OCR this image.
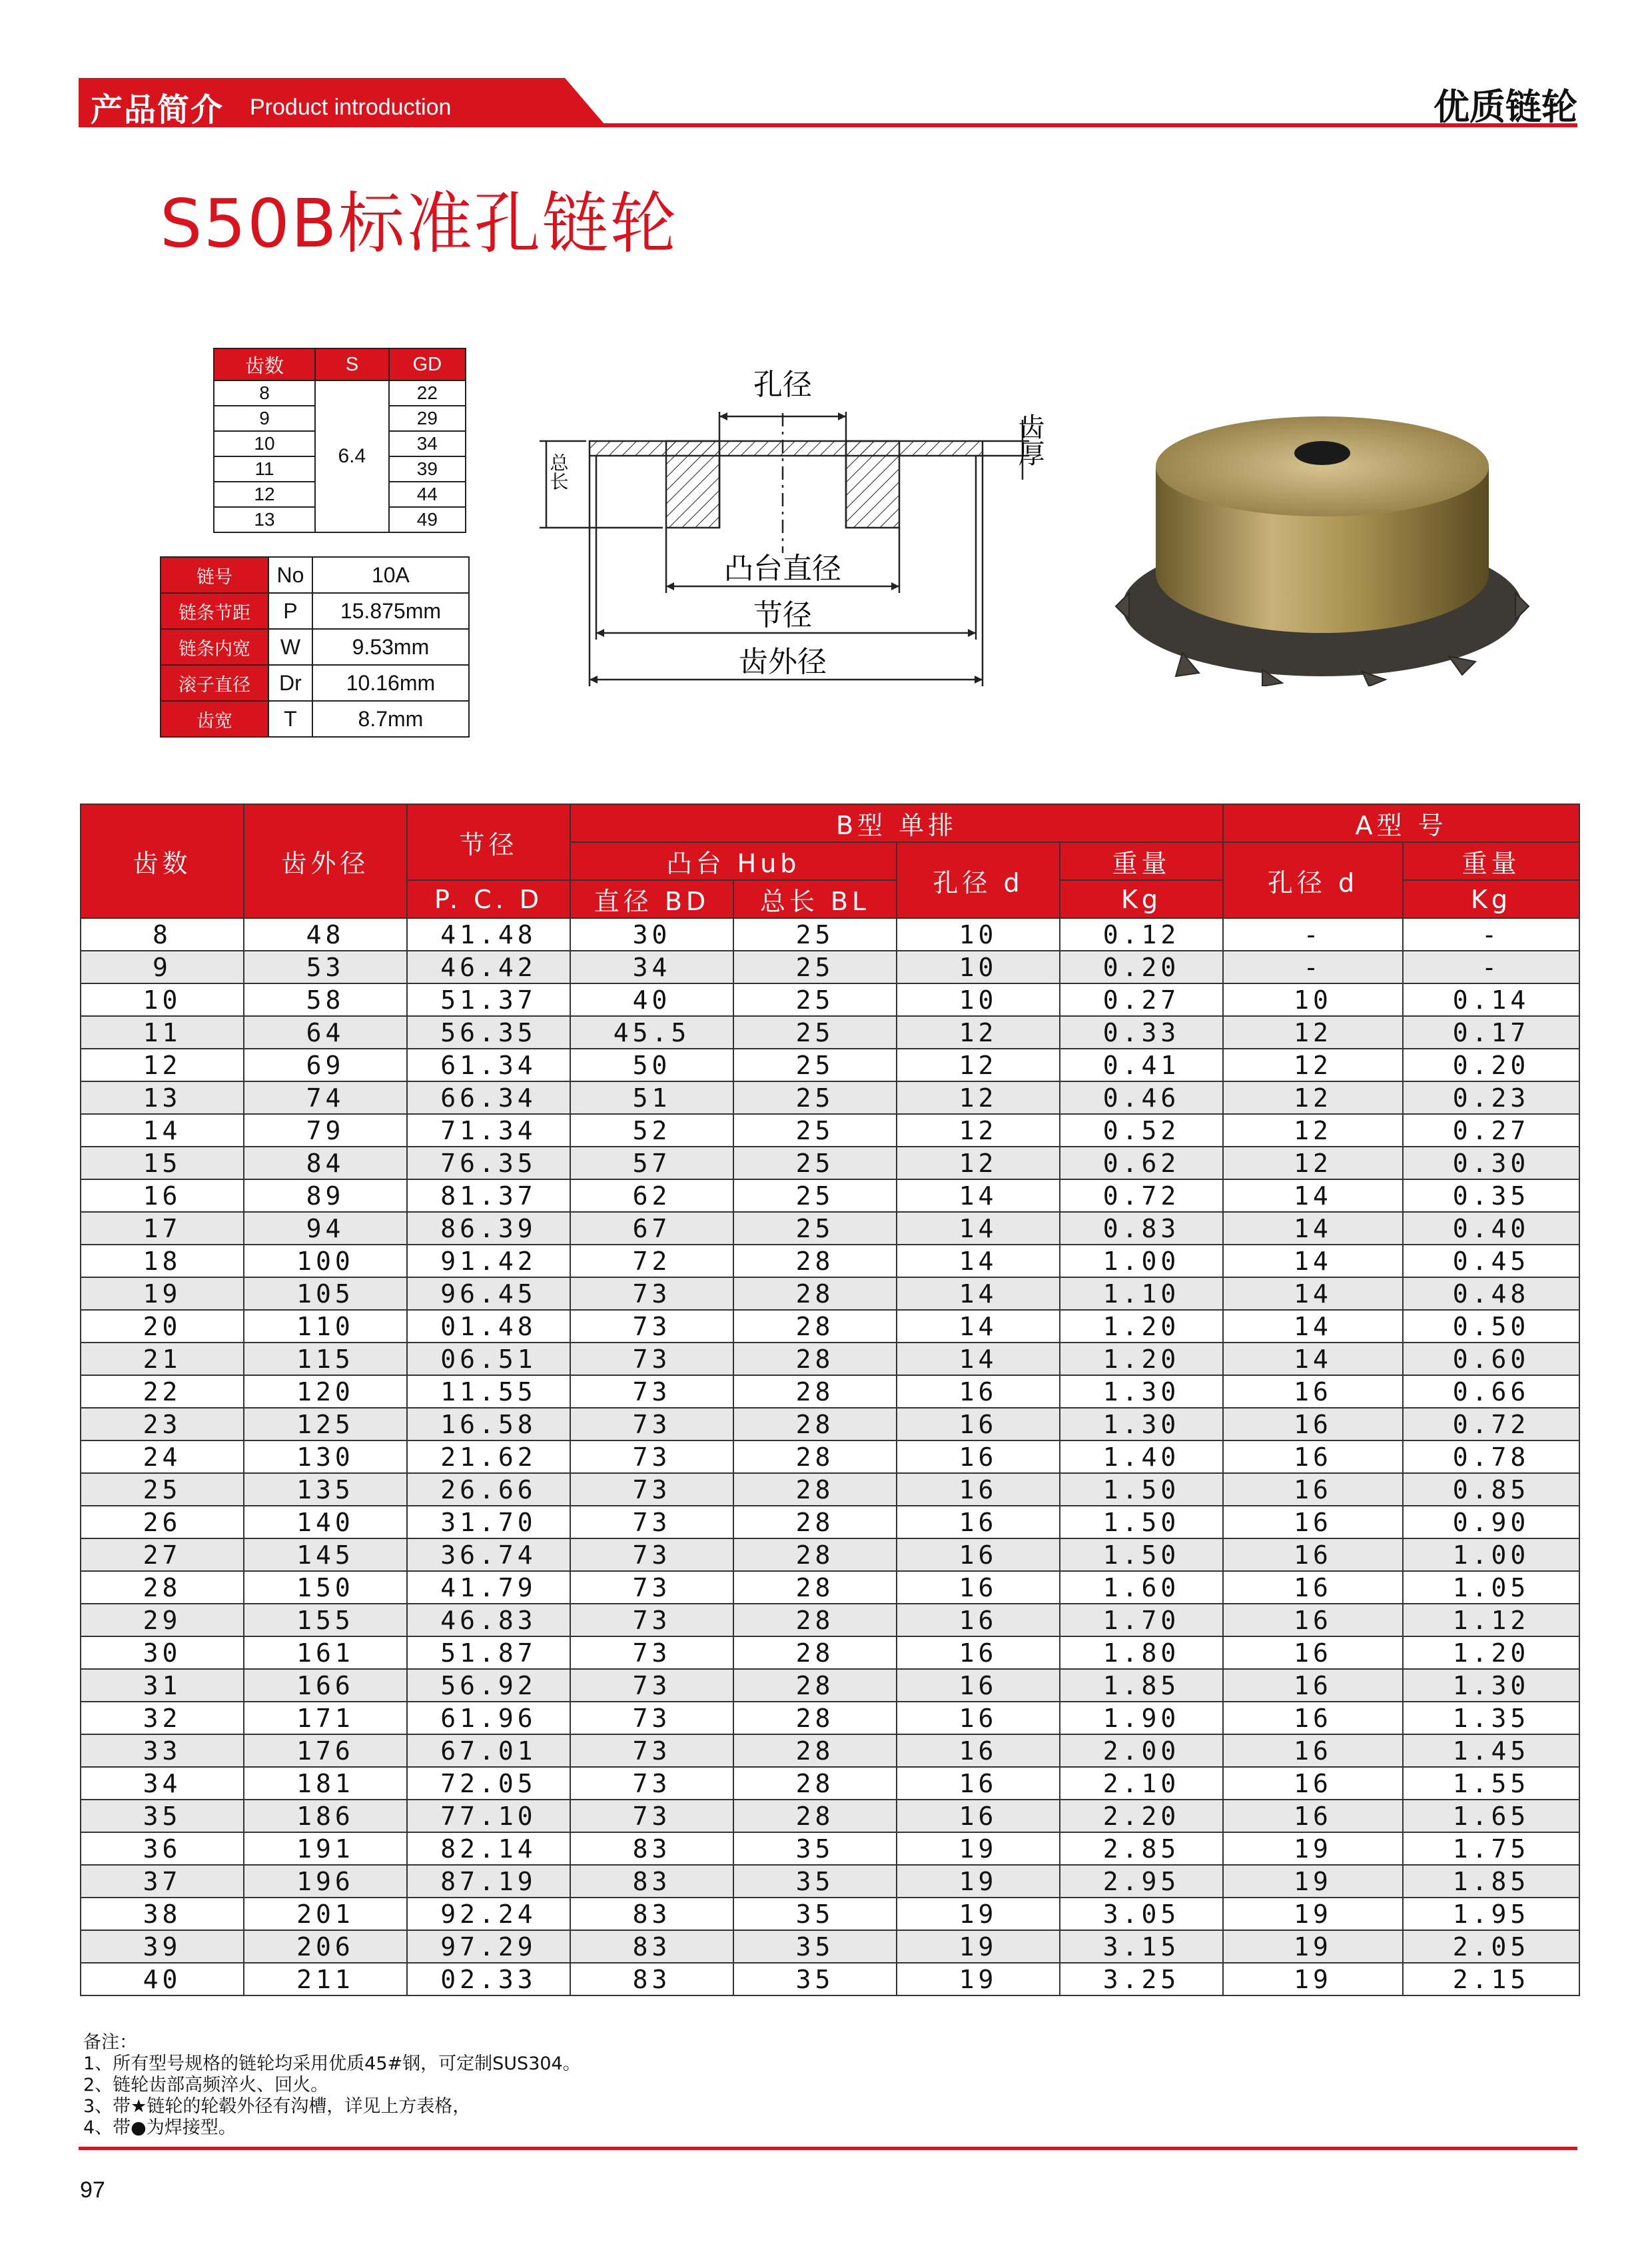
产品简介 Product introduction	优质链轮
S50B标准孔链轮
齿数	S	GD
8	6.4	22
9		29
10		34
11		39
12		44
13		49
链号	No	10A
链条节距	P	15.875mm
链条内宽	W	9.53mm
滚子直径	Dr	10.16mm
齿宽	T	8.7mm
孔径
齿厚
总长
凸台直径
节径
齿外径
齿数	齿外径	节径	B型 单排				A型 号	
			凸台 Hub		孔径 d	重量	孔径 d	重量
		P. C. D	直径 BD	总长 BL		Kg		Kg
8	48	41.48	30	25	10	0.12	-	-
9	53	46.42	34	25	10	0.20	-	-
10	58	51.37	40	25	10	0.27	10	0.14
11	64	56.35	45.5	25	12	0.33	12	0.17
12	69	61.34	50	25	12	0.41	12	0.20
13	74	66.34	51	25	12	0.46	12	0.23
14	79	71.34	52	25	12	0.52	12	0.27
15	84	76.35	57	25	12	0.62	12	0.30
16	89	81.37	62	25	14	0.72	14	0.35
17	94	86.39	67	25	14	0.83	14	0.40
18	100	91.42	72	28	14	1.00	14	0.45
19	105	96.45	73	28	14	1.10	14	0.48
20	110	01.48	73	28	14	1.20	14	0.50
21	115	06.51	73	28	14	1.20	14	0.60
22	120	11.55	73	28	16	1.30	16	0.66
23	125	16.58	73	28	16	1.30	16	0.72
24	130	21.62	73	28	16	1.40	16	0.78
25	135	26.66	73	28	16	1.50	16	0.85
26	140	31.70	73	28	16	1.50	16	0.90
27	145	36.74	73	28	16	1.50	16	1.00
28	150	41.79	73	28	16	1.60	16	1.05
29	155	46.83	73	28	16	1.70	16	1.12
30	161	51.87	73	28	16	1.80	16	1.20
31	166	56.92	73	28	16	1.85	16	1.30
32	171	61.96	73	28	16	1.90	16	1.35
33	176	67.01	73	28	16	2.00	16	1.45
34	181	72.05	73	28	16	2.10	16	1.55
35	186	77.10	73	28	16	2.20	16	1.65
36	191	82.14	83	35	19	2.85	19	1.75
37	196	87.19	83	35	19	2.95	19	1.85
38	201	92.24	83	35	19	3.05	19	1.95
39	206	97.29	83	35	19	3.15	19	2.05
40	211	02.33	83	35	19	3.25	19	2.15
备注：
1、所有型号规格的链轮均采用优质45#钢，可定制SUS304。
2、链轮齿部高频淬火、回火。
3、带★链轮的轮毂外径有沟槽，详见上方表格，
4、带●为焊接型。
97
